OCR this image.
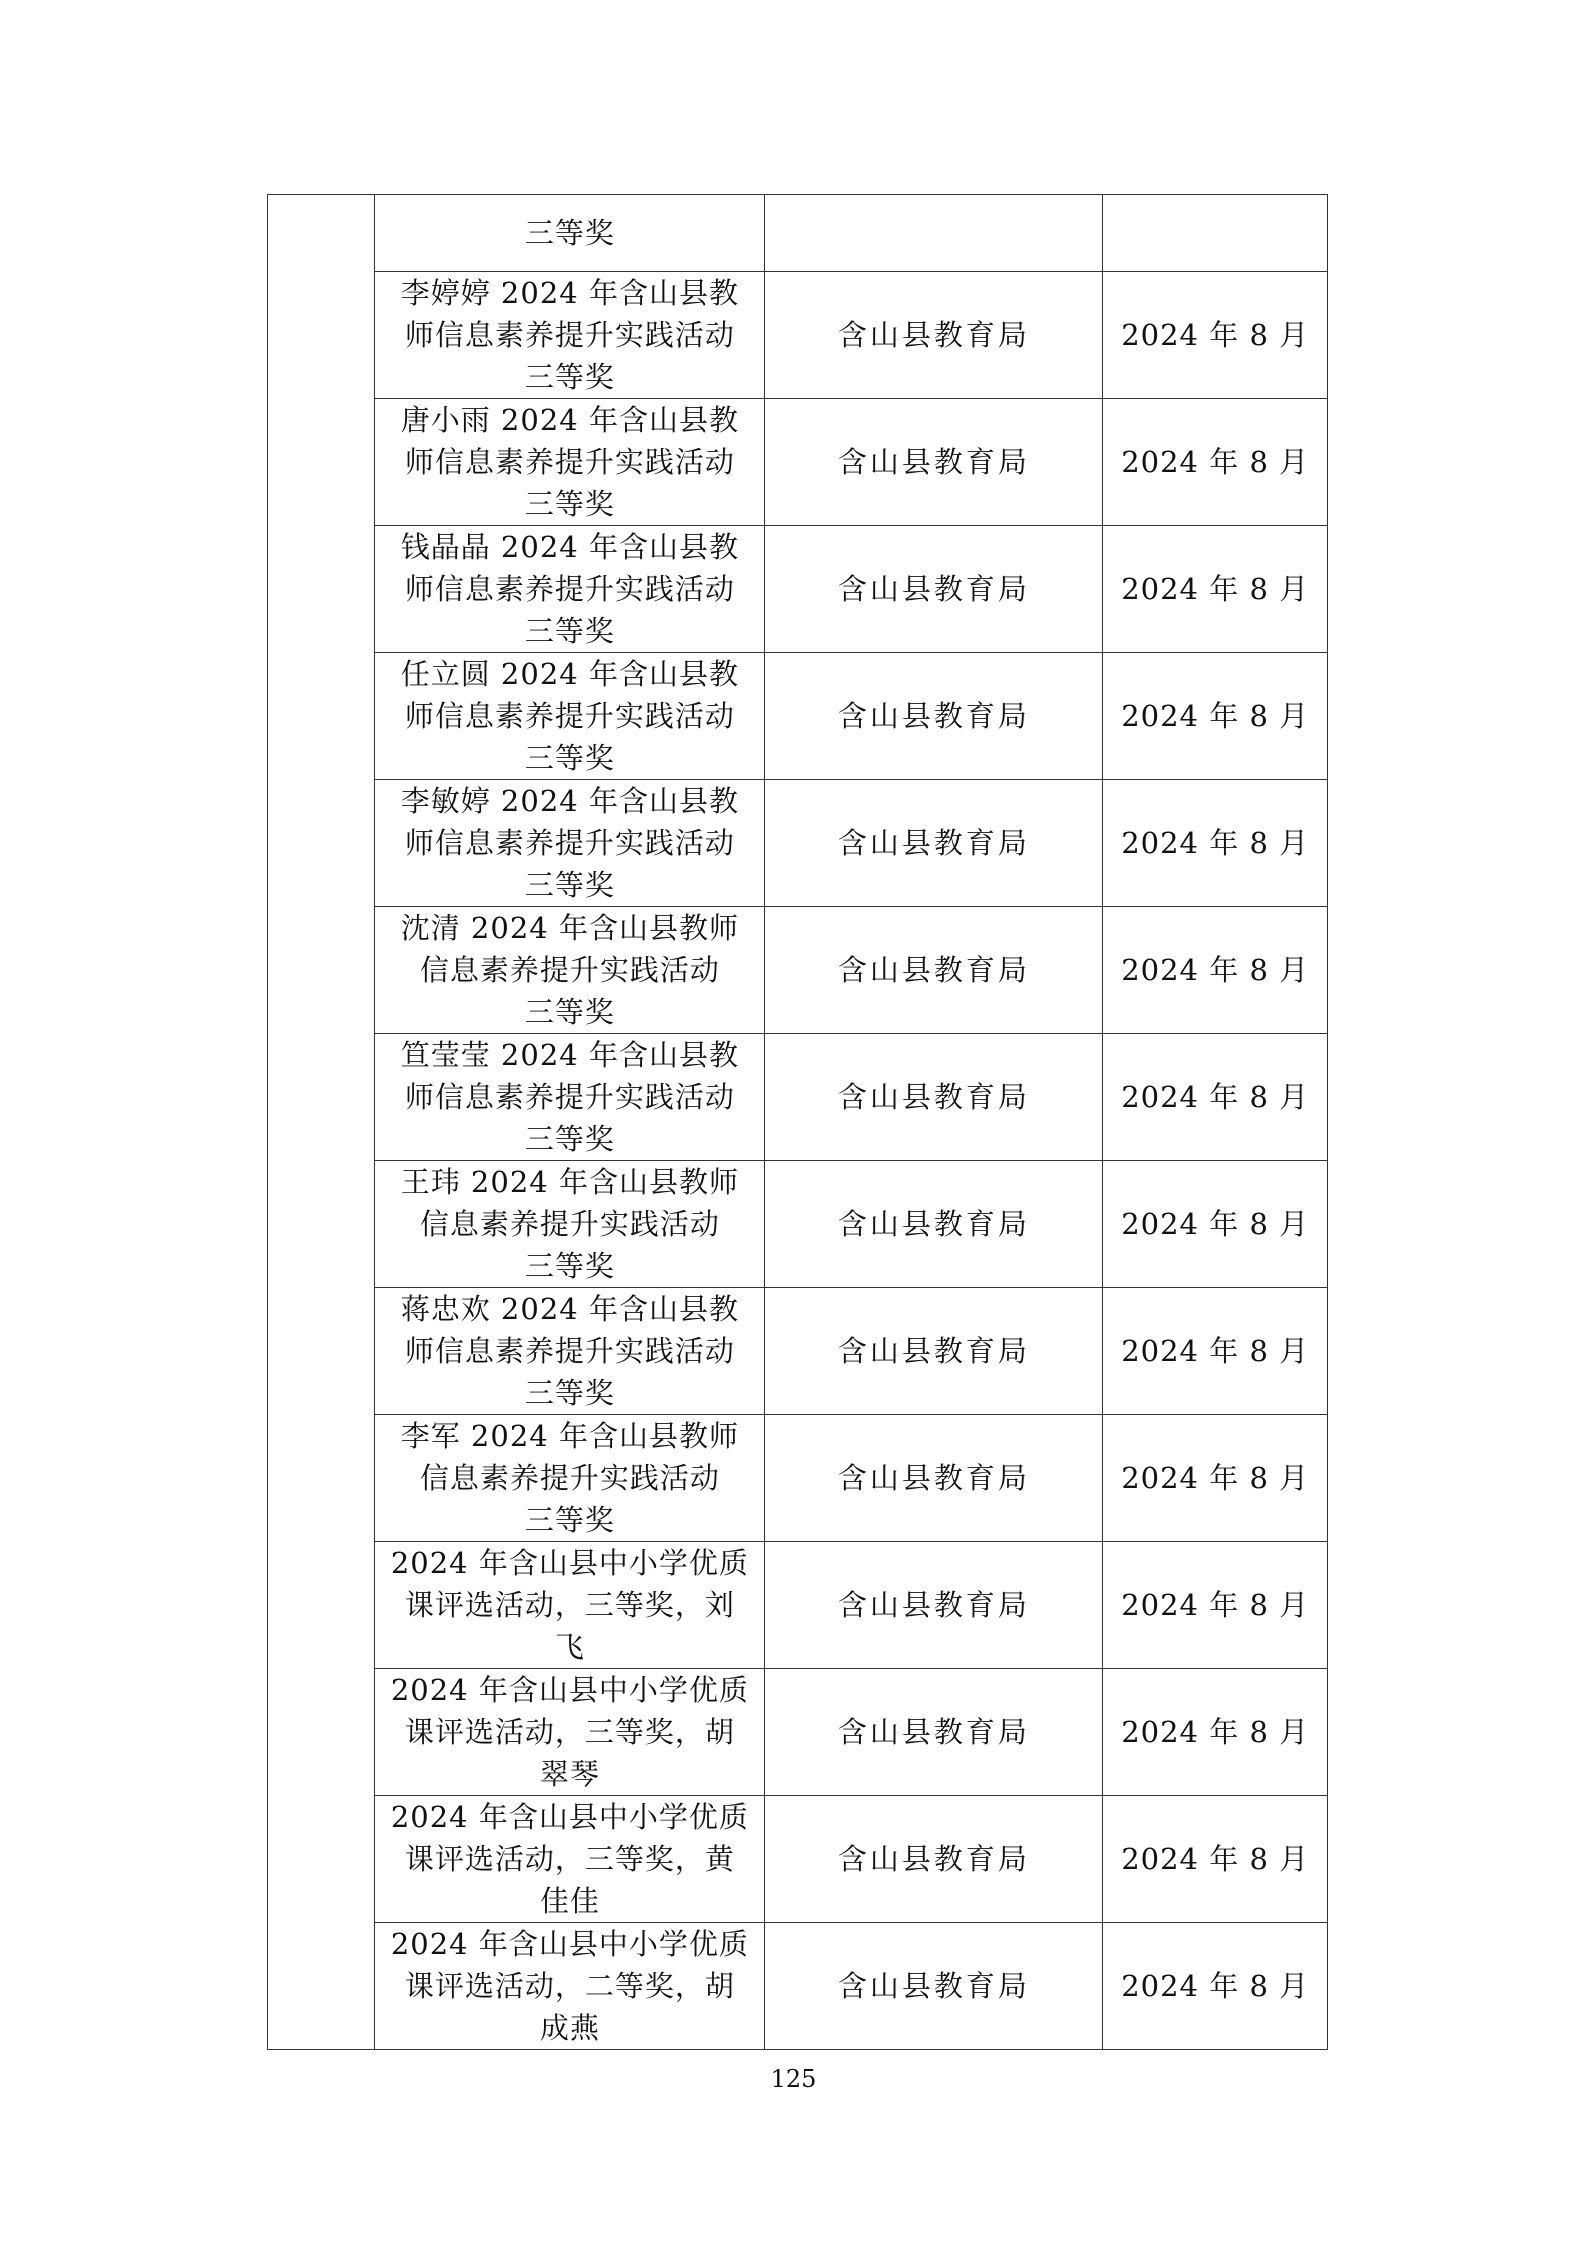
	三等奖		

	李婷婷 2024 年含山县教
师信息素养提升实践活动
三等奖	含山县教育局	2024 年 8 月

	唐小雨 2024 年含山县教
师信息素养提升实践活动
三等奖	含山县教育局	2024 年 8 月

	钱晶晶 2024 年含山县教
师信息素养提升实践活动
三等奖	含山县教育局	2024 年 8 月

	任立圆 2024 年含山县教
师信息素养提升实践活动
三等奖	含山县教育局	2024 年 8 月

	李敏婷 2024 年含山县教
师信息素养提升实践活动
三等奖	含山县教育局	2024 年 8 月

	沈清 2024 年含山县教师
信息素养提升实践活动
三等奖	含山县教育局	2024 年 8 月

	笪莹莹 2024 年含山县教
师信息素养提升实践活动
三等奖	含山县教育局	2024 年 8 月

	王玮 2024 年含山县教师
信息素养提升实践活动
三等奖	含山县教育局	2024 年 8 月

	蒋忠欢 2024 年含山县教
师信息素养提升实践活动
三等奖	含山县教育局	2024 年 8 月

	李军 2024 年含山县教师
信息素养提升实践活动
三等奖	含山县教育局	2024 年 8 月

	2024 年含山县中小学优质
课评选活动，三等奖，刘
飞	含山县教育局	2024 年 8 月

	2024 年含山县中小学优质
课评选活动，三等奖，胡
翠琴	含山县教育局	2024 年 8 月

	2024 年含山县中小学优质
课评选活动，三等奖，黄
佳佳	含山县教育局	2024 年 8 月

	2024 年含山县中小学优质
课评选活动，二等奖，胡
成燕	含山县教育局	2024 年 8 月
125
